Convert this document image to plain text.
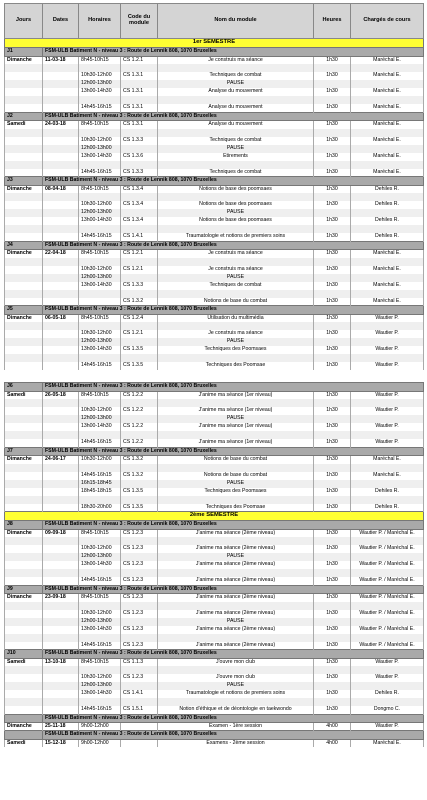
Jours	Dates	Horaires	Code du module	Nom du module	Heures	Chargés de cours
1er SEMESTRE						
J1	FSM-ULB Batiment N - niveau 3 : Route de Lennik 808, 1070 Bruxelles					
Dimanche	11-03-18	8h45-10h15	CS 1.2.1	Je construis ma séance	1h30	Maréchal E.

		10h30-12h00	CS 1.3.1	Techniques de combat	1h30	Maréchal E.
		12h00-13h00		PAUSE		
		13h00-14h30	CS 1.3.1	Analyse du mouvement	1h30	Maréchal E.

		14h45-16h15	CS 1.3.1	Analyse du mouvement	1h30	Maréchal E.
J2	FSM-ULB Batiment N - niveau 3 : Route de Lennik 808, 1070 Bruxelles					
Samedi	24-03-18	8h45-10h15	CS 1.3.1	Analyse du mouvement	1h30	Maréchal E.

		10h30-12h00	CS 1.3.3	Techniques de combat	1h30	Maréchal E.
		12h00-13h00		PAUSE		
		13h00-14h30	CS 1.3.6	Etirements	1h30	Maréchal E.

		14h45-16h15	CS 1.3.3	Techniques de combat	1h30	Maréchal E.
J3	FSM-ULB Batiment N - niveau 3 : Route de Lennik 808, 1070 Bruxelles					
Dimanche	08-04-18	8h45-10h15	CS 1.3.4	Notions de base des poomsaes	1h30	Dehiles R.

		10h30-12h00	CS 1.3.4	Notions de base des poomsaes	1h30	Dehiles R.
		12h00-13h00		PAUSE		
		13h00-14h30	CS 1.3.4	Notions de base des poomsaes	1h30	Dehiles R.

		14h45-16h15	CS 1.4.1	Traumatologie et notions de premiers soins	1h30	Dehiles R.
J4	FSM-ULB Batiment N - niveau 3 : Route de Lennik 808, 1070 Bruxelles					
Dimanche	22-04-18	8h45-10h15	CS 1.2.1	Je construis ma séance	1h30	Maréchal E.

		10h30-12h00	CS 1.2.1	Je construis ma séance	1h30	Maréchal E.
		12h00-13h00		PAUSE		
		13h00-14h30	CS 1.3.3	Techniques de combat	1h30	Maréchal E.

			CS 1.3.2	Notions de base du combat	1h30	Maréchal E.
J5	FSM-ULB Batiment N - niveau 3 : Route de Lennik 808, 1070 Bruxelles					
Dimanche	06-05-18	8h45-10h15	CS 1.2.4	Utilisation du multimédia	1h30	Wautier P.

		10h30-12h00	CS 1.2.1	Je construis ma séance	1h30	Wautier P.
		12h00-13h00		PAUSE		
		13h00-14h30	CS 1.3.5	Techniques des Poomsaes	1h30	Wautier P.

		14h45-16h15	CS 1.3.5	Techniques des Poomsae	1h30	Wautier P.

J6	FSM-ULB Batiment N - niveau 3 : Route de Lennik 808, 1070 Bruxelles					
Samedi	26-05-18	8h45-10h15	CS 1.2.2	J'anime ma séance (1er niveau)	1h30	Wautier P.

		10h30-12h00	CS 1.2.2	J'anime ma séance (1er niveau)	1h30	Wautier P.
		12h00-13h00		PAUSE		
		13h00-14h30	CS 1.2.2	J'anime ma séance (1er niveau)	1h30	Wautier P.

		14h45-16h15	CS 1.2.2	J'anime ma séance (1er niveau)	1h30	Wautier P.
J7	FSM-ULB Batiment N - niveau 3 : Route de Lennik 808, 1070 Bruxelles					
Dimanche	24-06-17	10h30-12h00	CS 1.3.2	Notions de base du combat	1h30	Maréchal E.

		14h45-16h15	CS 1.3.2	Notions de base du combat	1h30	Maréchal E.
		16h15-18h45		PAUSE		
		18h45-18h15	CS 1.3.5	Techniques des Poomsaes	1h30	Dehiles R.

		18h30-20h00	CS 1.3.5	Techniques des Poomsae	1h30	Dehiles R.
2ème SEMESTRE						
J8	FSM-ULB Batiment N - niveau 3 : Route de Lennik 808, 1070 Bruxelles					
Dimanche	09-09-18	8h45-10h15	CS 1.2.3	J'anime ma séance (2ème niveau)	1h30	Wautier P. / Maréchal E.

		10h30-12h00	CS 1.2.3	J'anime ma séance (2ème niveau)	1h30	Wautier P. / Maréchal E.
		12h00-13h00		PAUSE		
		13h00-14h30	CS 1.2.3	J'anime ma séance (2ème niveau)	1h30	Wautier P. / Maréchal E.

		14h45-16h15	CS 1.2.3	J'anime ma séance (2ème niveau)	1h30	Wautier P. / Maréchal E.
J9	FSM-ULB Batiment N - niveau 3 : Route de Lennik 808, 1070 Bruxelles					
Dimanche	23-09-18	8h45-10h15	CS 1.2.3	J'anime ma séance (2ème niveau)	1h30	Wautier P. / Maréchal E.

		10h30-12h00	CS 1.2.3	J'anime ma séance (2ème niveau)	1h30	Wautier P. / Maréchal E.
		12h00-13h00		PAUSE		
		13h00-14h30	CS 1.2.3	J'anime ma séance (2ème niveau)	1h30	Wautier P. / Maréchal E.

		14h45-16h15	CS 1.2.3	J'anime ma séance (2ème niveau)	1h30	Wautier P. / Maréchal E.
J10	FSM-ULB Batiment N - niveau 3 : Route de Lennik 808, 1070 Bruxelles					
Samedi	13-10-18	8h45-10h15	CS 1.1.3	J'ouvre mon club	1h30	Wautier P.

		10h30-12h00	CS 1.2.3	J'ouvre mon club	1h30	Wautier P.
		12h00-13h00		PAUSE		
		13h00-14h30	CS 1.4.1	Traumatologie et notions de premiers soins	1h30	Dehiles R.

		14h45-16h15	CS 1.5.1	Notion d'éthique et de déontologie en taekwondo	1h30	Dongmo C.
	FSM-ULB Batiment N - niveau 3 : Route de Lennik 808, 1070 Bruxelles					
Dimanche	25-11-18	9h00-12h00		Examen - 1ère session	4h00	Wautier P.
	FSM-ULB Batiment N - niveau 3 : Route de Lennik 808, 1070 Bruxelles					
Samedi	15-12-18	9h00-12h00		Examens - 2ème session	4h00	Maréchal E.
